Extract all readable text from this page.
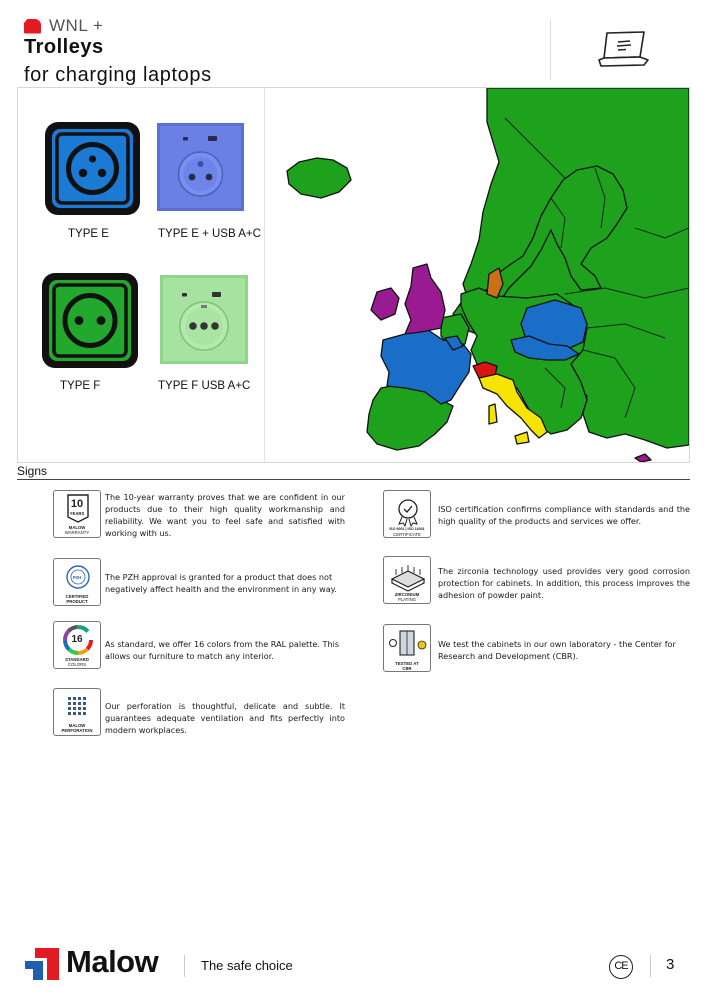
WNL +
Trolleys
for charging laptops
TYPE E	TYPE E + USB A+C
TYPE F	TYPE F USB A+C
Signs
10
YEARS
MALOW
WARRANTY
The 10-year warranty proves that we are confident in our products due to their high quality workmanship and reliability. We want you to feel safe and satisfied with working with us.	ISO 9001 | ISO 14001
CERTIFICATE
ISO certification confirms compliance with standards and the high quality of the products and services we offer.
PZH
CERTIFIED
PRODUCT
The PZH approval is granted for a product that does not negatively affect health and the environment in any way.
ZIRCONIUM
PLATING
The zirconia technology used provides very good corrosion protection for cabinets. In addition, this process improves the adhesion of powder paint.
16
STANDARD
COLORS
As standard, we offer 16 colors from the RAL palette. This allows our furniture to match any interior.
TESTED AT
CBR
We test the cabinets in our own laboratory - the Center for Research and Development (CBR).
MALOW
PERFORATION
Our perforation is thoughtful, delicate and subtle. It guarantees adequate ventilation and fits perfectly into modern workplaces.
Malow	The safe choice	CE	3
